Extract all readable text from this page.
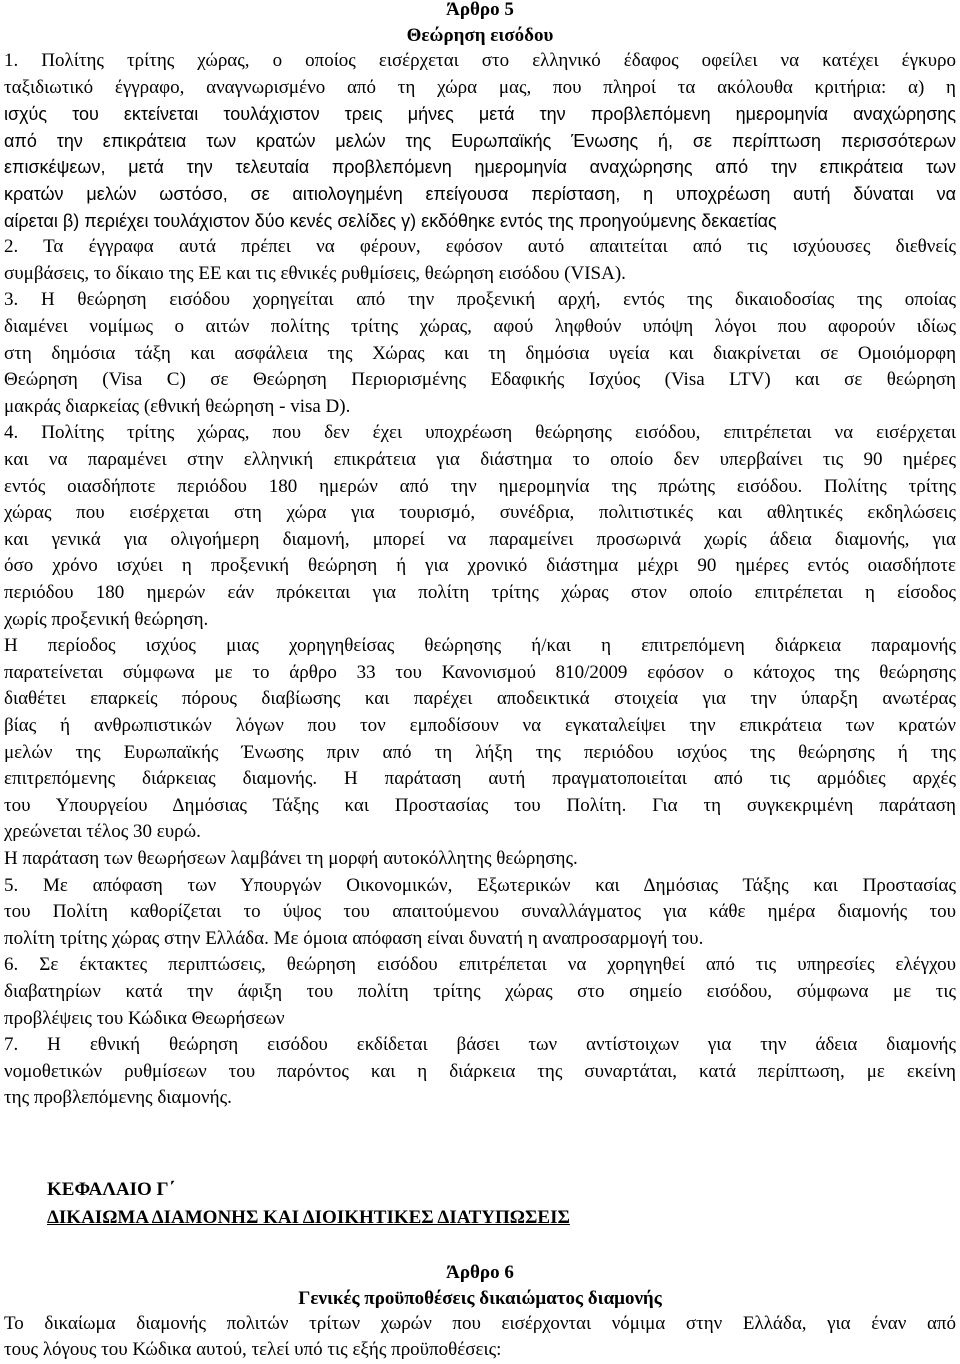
Άρθρο 5
Θεώρηση εισόδου
1. Πολίτης τρίτης χώρας, ο οποίος εισέρχεται στο ελληνικό έδαφος οφείλει να κατέχει έγκυρο
ταξιδιωτικό έγγραφο, αναγνωρισμένο από τη χώρα μας, που πληροί τα ακόλουθα κριτήρια: α) η
ισχύς του εκτείνεται τουλάχιστον τρεις μήνες μετά την προβλεπόμενη ημερομηνία αναχώρησης
από την επικράτεια των κρατών μελών της Ευρωπαϊκής Ένωσης ή, σε περίπτωση περισσότερων
επισκέψεων, μετά την τελευταία προβλεπόμενη ημερομηνία αναχώρησης από την επικράτεια των
κρατών μελών ωστόσο, σε αιτιολογημένη επείγουσα περίσταση, η υποχρέωση αυτή δύναται να
αίρεται β) περιέχει τουλάχιστον δύο κενές σελίδες γ) εκδόθηκε εντός της προηγούμενης δεκαετίας
2. Τα έγγραφα αυτά πρέπει να φέρουν, εφόσον αυτό απαιτείται από τις ισχύουσες διεθνείς
συμβάσεις, το δίκαιο της ΕΕ και τις εθνικές ρυθμίσεις, θεώρηση εισόδου (VISA).
3. Η θεώρηση εισόδου χορηγείται από την προξενική αρχή, εντός της δικαιοδοσίας της οποίας
διαμένει νομίμως ο αιτών πολίτης τρίτης χώρας, αφού ληφθούν υπόψη λόγοι που αφορούν ιδίως
στη δημόσια τάξη και ασφάλεια της Χώρας και τη δημόσια υγεία και διακρίνεται σε Ομοιόμορφη
Θεώρηση (Visa C) σε Θεώρηση Περιορισμένης Εδαφικής Ισχύος (Visa LTV) και σε θεώρηση
μακράς διαρκείας (εθνική θεώρηση - visa D).
4. Πολίτης τρίτης χώρας, που δεν έχει υποχρέωση θεώρησης εισόδου, επιτρέπεται να εισέρχεται
και να παραμένει στην ελληνική επικράτεια για διάστημα το οποίο δεν υπερβαίνει τις 90 ημέρες
εντός οιασδήποτε περιόδου 180 ημερών από την ημερομηνία της πρώτης εισόδου. Πολίτης τρίτης
χώρας που εισέρχεται στη χώρα για τουρισμό, συνέδρια, πολιτιστικές και αθλητικές εκδηλώσεις
και γενικά για ολιγοήμερη διαμονή, μπορεί να παραμείνει προσωρινά χωρίς άδεια διαμονής, για
όσο χρόνο ισχύει η προξενική θεώρηση ή για χρονικό διάστημα μέχρι 90 ημέρες εντός οιασδήποτε
περιόδου 180 ημερών εάν πρόκειται για πολίτη τρίτης χώρας στον οποίο επιτρέπεται η είσοδος
χωρίς προξενική θεώρηση.
Η περίοδος ισχύος μιας χορηγηθείσας θεώρησης ή/και η επιτρεπόμενη διάρκεια παραμονής
παρατείνεται σύμφωνα με το άρθρο 33 του Κανονισμού 810/2009 εφόσον ο κάτοχος της θεώρησης
διαθέτει επαρκείς πόρους διαβίωσης και παρέχει αποδεικτικά στοιχεία για την ύπαρξη ανωτέρας
βίας ή ανθρωπιστικών λόγων που τον εμποδίσουν να εγκαταλείψει την επικράτεια των κρατών
μελών της Ευρωπαϊκής Ένωσης πριν από τη λήξη της περιόδου ισχύος της θεώρησης ή της
επιτρεπόμενης διάρκειας διαμονής. Η παράταση αυτή πραγματοποιείται από τις αρμόδιες αρχές
του Υπουργείου Δημόσιας Τάξης και Προστασίας του Πολίτη. Για τη συγκεκριμένη παράταση
χρεώνεται τέλος 30 ευρώ.
Η παράταση των θεωρήσεων λαμβάνει τη μορφή αυτοκόλλητης θεώρησης.
5. Με απόφαση των Υπουργών Οικονομικών, Εξωτερικών και Δημόσιας Τάξης και Προστασίας
του Πολίτη καθορίζεται το ύψος του απαιτούμενου συναλλάγματος για κάθε ημέρα διαμονής του
πολίτη τρίτης χώρας στην Ελλάδα. Με όμοια απόφαση είναι δυνατή η αναπροσαρμογή του.
6. Σε έκτακτες περιπτώσεις, θεώρηση εισόδου επιτρέπεται να χορηγηθεί από τις υπηρεσίες ελέγχου
διαβατηρίων κατά την άφιξη του πολίτη τρίτης χώρας στο σημείο εισόδου, σύμφωνα με τις
προβλέψεις του Κώδικα Θεωρήσεων
7. Η εθνική θεώρηση εισόδου εκδίδεται βάσει των αντίστοιχων για την άδεια διαμονής
νομοθετικών ρυθμίσεων του παρόντος και η διάρκεια της συναρτάται, κατά περίπτωση, με εκείνη
της προβλεπόμενης διαμονής.
ΚΕΦΑΛΑΙΟ Γ΄
ΔΙΚΑΙΩΜΑ ΔΙΑΜΟΝΗΣ ΚΑΙ ΔΙΟΙΚΗΤΙΚΕΣ ΔΙΑΤΥΠΩΣΕΙΣ
Άρθρο 6
Γενικές προϋποθέσεις δικαιώματος διαμονής
Το δικαίωμα διαμονής πολιτών τρίτων χωρών που εισέρχονται νόμιμα στην Ελλάδα, για έναν από
τους λόγους του Κώδικα αυτού, τελεί υπό τις εξής προϋποθέσεις:
